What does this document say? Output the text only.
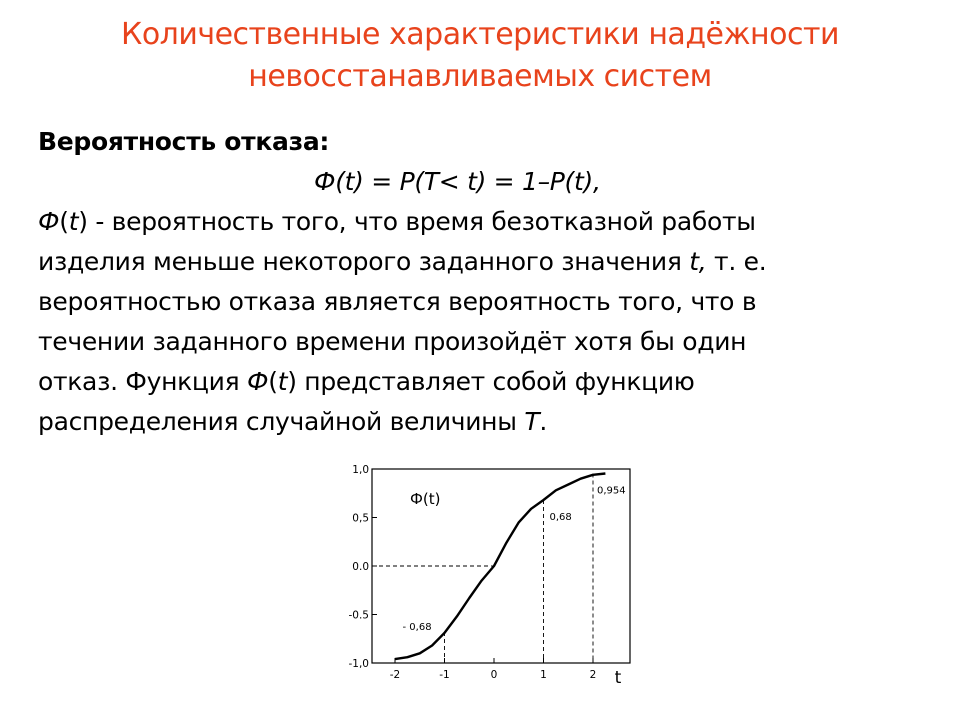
Количественные характеристики надёжности
невосстанавливаемых систем
Вероятность отказа:
Ф(t) = P(T< t) = 1–P(t),
Ф(t) - вероятность того, что время безотказной работы
изделия меньше некоторого заданного значения t, т. е.
вероятностью отказа является вероятность того, что в
течении заданного времени произойдёт хотя бы один
отказ. Функция Ф(t) представляет собой функцию
распределения случайной величины T.
1,0
0,5
0.0
-0.5
-1,0
-2	-1	0	1	2 t
Ф(t)	0,954
0,68
- 0,68
